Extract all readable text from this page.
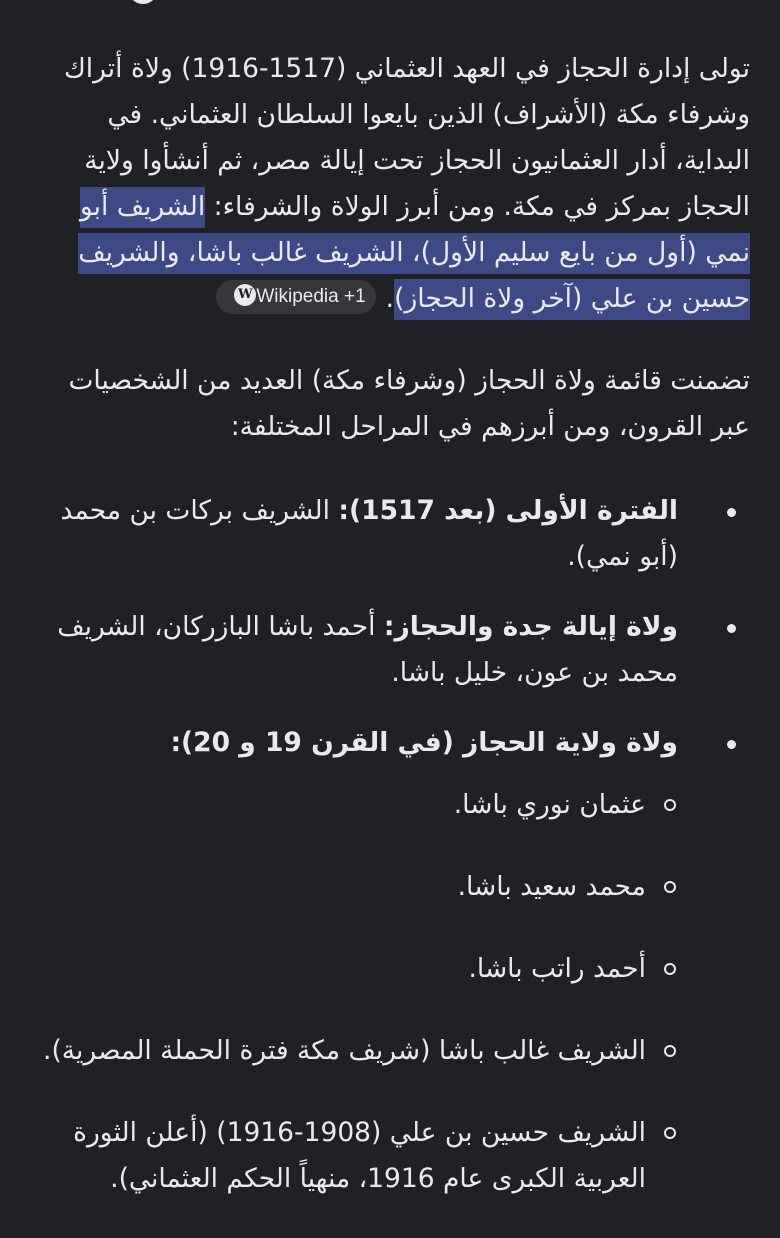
تولى إدارة الحجاز في العهد العثماني (1517-1916) ولاة أتراك وشرفاء مكة (الأشراف) الذين بايعوا السلطان العثماني. في البداية، أدار العثمانيون الحجاز تحت إيالة مصر، ثم أنشأوا ولاية الحجاز بمركز في مكة. ومن أبرز الولاة والشرفاء: الشريف أبو نمي (أول من بايع سليم الأول)، الشريف غالب باشا، والشريف حسين بن علي (آخر ولاة الحجاز).W Wikipedia +1

تضمنت قائمة ولاة الحجاز (وشرفاء مكة) العديد من الشخصيات عبر القرون، ومن أبرزهم في المراحل المختلفة:

الفترة الأولى (بعد 1517): الشريف بركات بن محمد (أبو نمي).
ولاة إيالة جدة والحجاز: أحمد باشا البازركان، الشريف محمد بن عون، خليل باشا.
ولاة ولاية الحجاز (في القرن 19 و 20):
عثمان نوري باشا.
محمد سعيد باشا.
أحمد راتب باشا.
الشريف غالب باشا (شريف مكة فترة الحملة المصرية).
الشريف حسين بن علي (1908-1916) (أعلن الثورة العربية الكبرى عام 1916، منهياً الحكم العثماني).
